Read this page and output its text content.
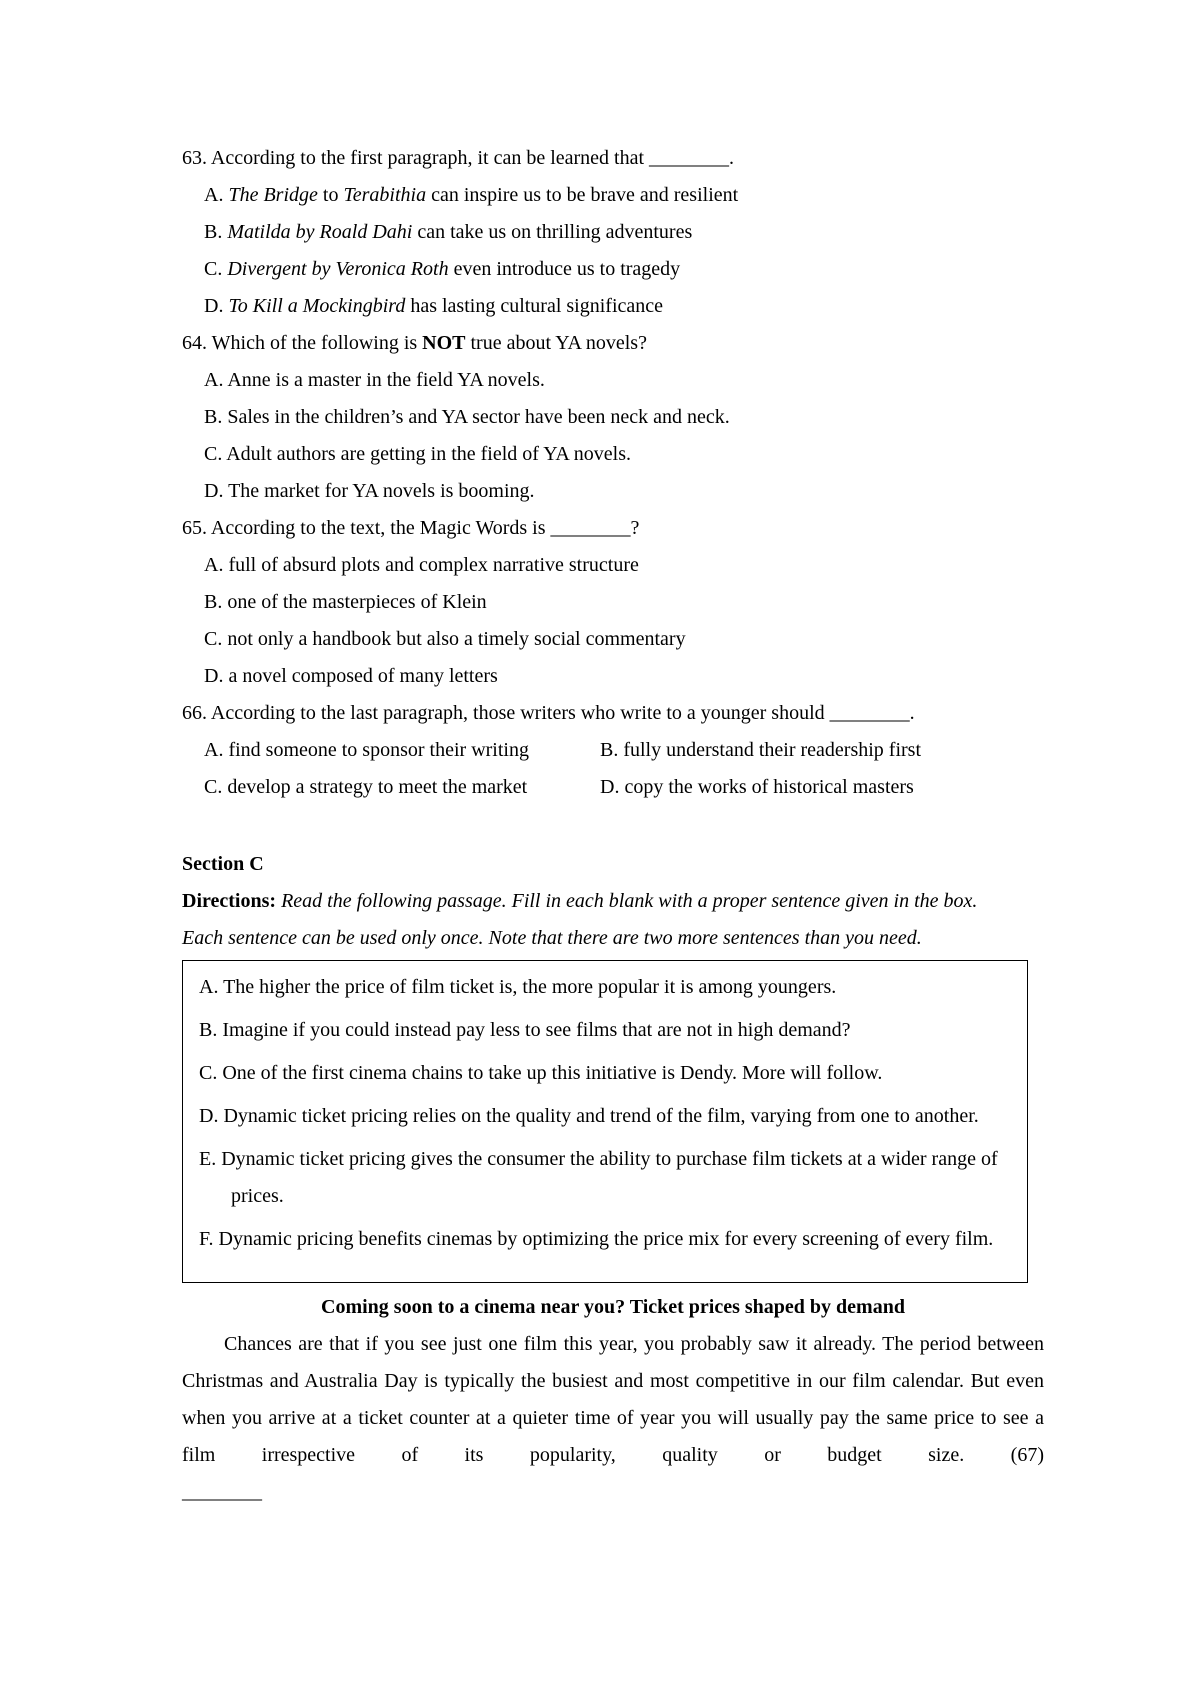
63. According to the first paragraph, it can be learned that ________.
A. The Bridge to Terabithia can inspire us to be brave and resilient
B. Matilda by Roald Dahi can take us on thrilling adventures
C. Divergent by Veronica Roth even introduce us to tragedy
D. To Kill a Mockingbird has lasting cultural significance
64. Which of the following is NOT true about YA novels?
A. Anne is a master in the field YA novels.
B. Sales in the children’s and YA sector have been neck and neck.
C. Adult authors are getting in the field of YA novels.
D. The market for YA novels is booming.
65. According to the text, the Magic Words is ________?
A. full of absurd plots and complex narrative structure
B. one of the masterpieces of Klein
C. not only a handbook but also a timely social commentary
D. a novel composed of many letters
66. According to the last paragraph, those writers who write to a younger should ________.
A. find someone to sponsor their writing	B. fully understand their readership first
C. develop a strategy to meet the market	D. copy the works of historical masters
Section C
Directions: Read the following passage. Fill in each blank with a proper sentence given in the box.
Each sentence can be used only once. Note that there are two more sentences than you need.
A. The higher the price of film ticket is, the more popular it is among youngers.
B. Imagine if you could instead pay less to see films that are not in high demand?
C. One of the first cinema chains to take up this initiative is Dendy. More will follow.
D. Dynamic ticket pricing relies on the quality and trend of the film, varying from one to another.
E. Dynamic ticket pricing gives the consumer the ability to purchase film tickets at a wider range of prices.
F. Dynamic pricing benefits cinemas by optimizing the price mix for every screening of every film.
Coming soon to a cinema near you? Ticket prices shaped by demand
Chances are that if you see just one film this year, you probably saw it already. The period between Christmas and Australia Day is typically the busiest and most competitive in our film calendar. But even when you arrive at a ticket counter at a quieter time of year you will usually pay the same price to see a film irrespective of its popularity, quality or budget size. (67)
________
